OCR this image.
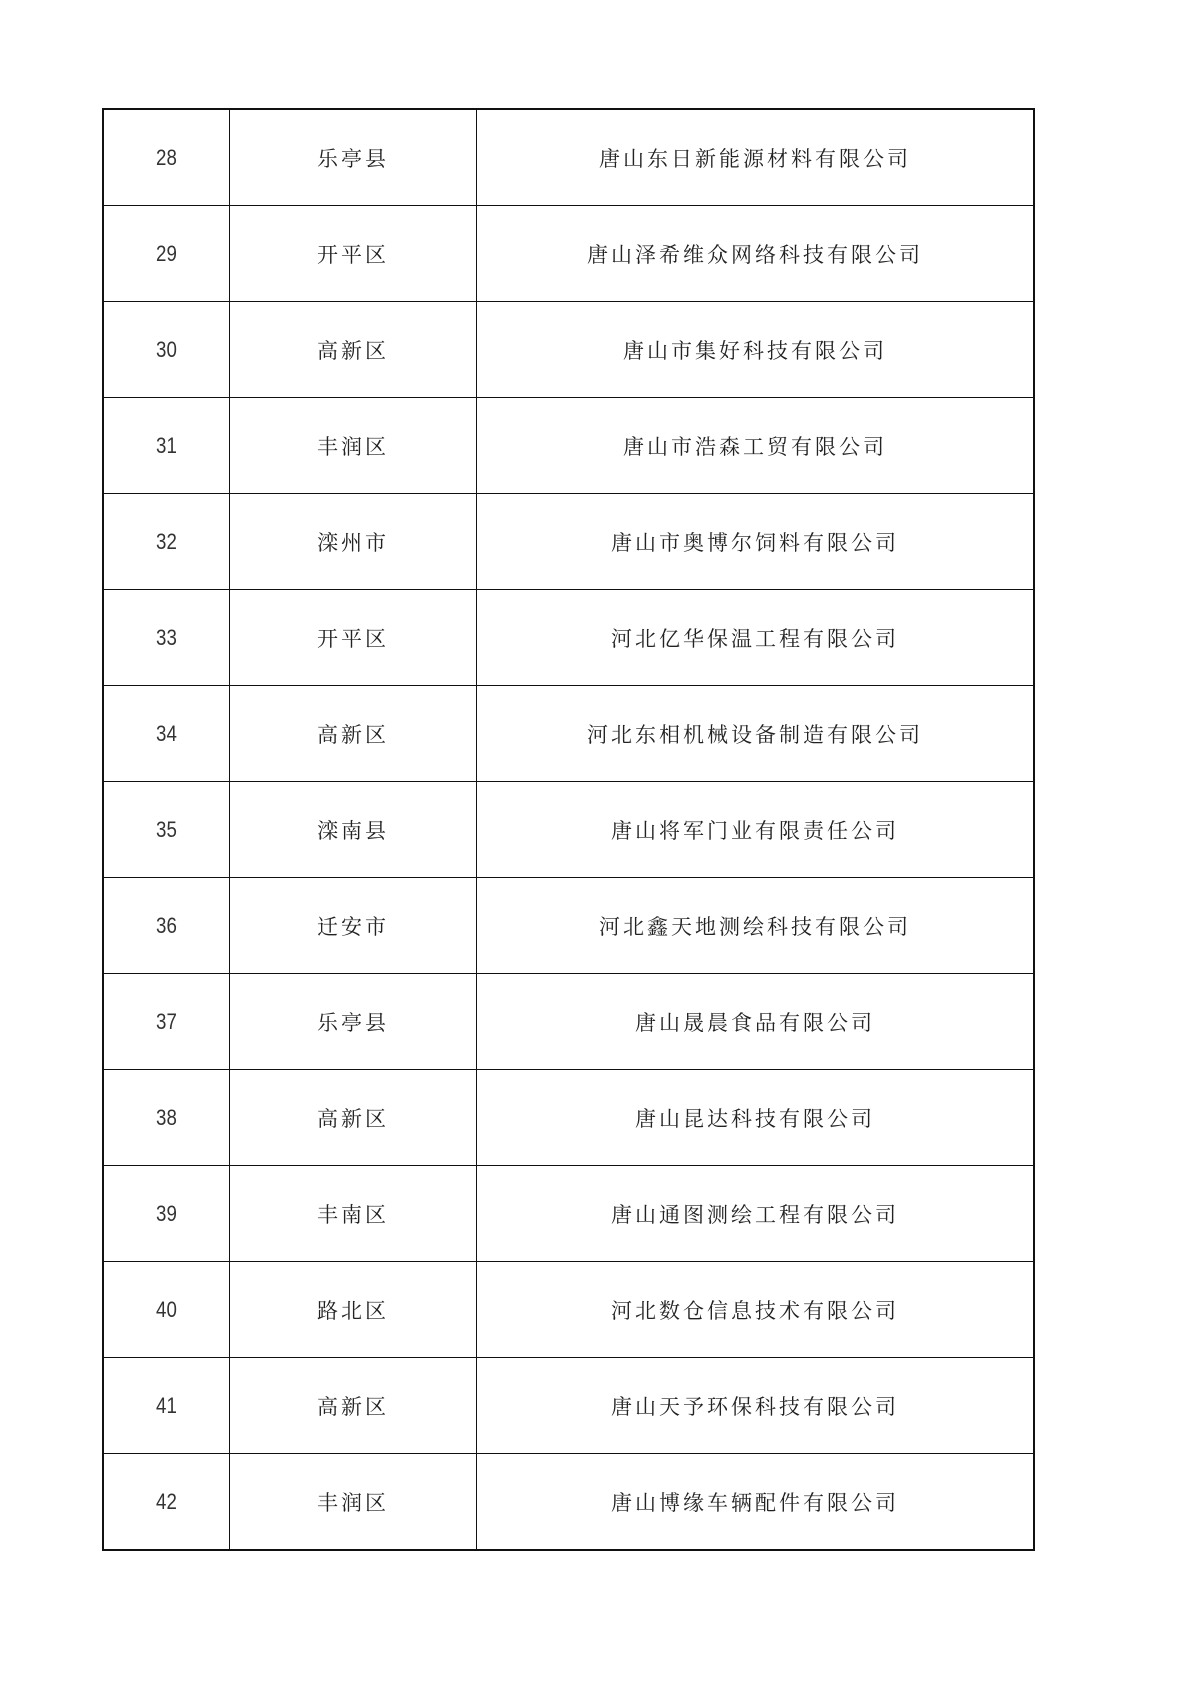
28	乐亭县	唐山东日新能源材料有限公司
29	开平区	唐山泽希维众网络科技有限公司
30	高新区	唐山市集好科技有限公司
31	丰润区	唐山市浩森工贸有限公司
32	滦州市	唐山市奥博尔饲料有限公司
33	开平区	河北亿华保温工程有限公司
34	高新区	河北东相机械设备制造有限公司
35	滦南县	唐山将军门业有限责任公司
36	迁安市	河北鑫天地测绘科技有限公司
37	乐亭县	唐山晟晨食品有限公司
38	高新区	唐山昆达科技有限公司
39	丰南区	唐山通图测绘工程有限公司
40	路北区	河北数仓信息技术有限公司
41	高新区	唐山天予环保科技有限公司
42	丰润区	唐山博缘车辆配件有限公司
